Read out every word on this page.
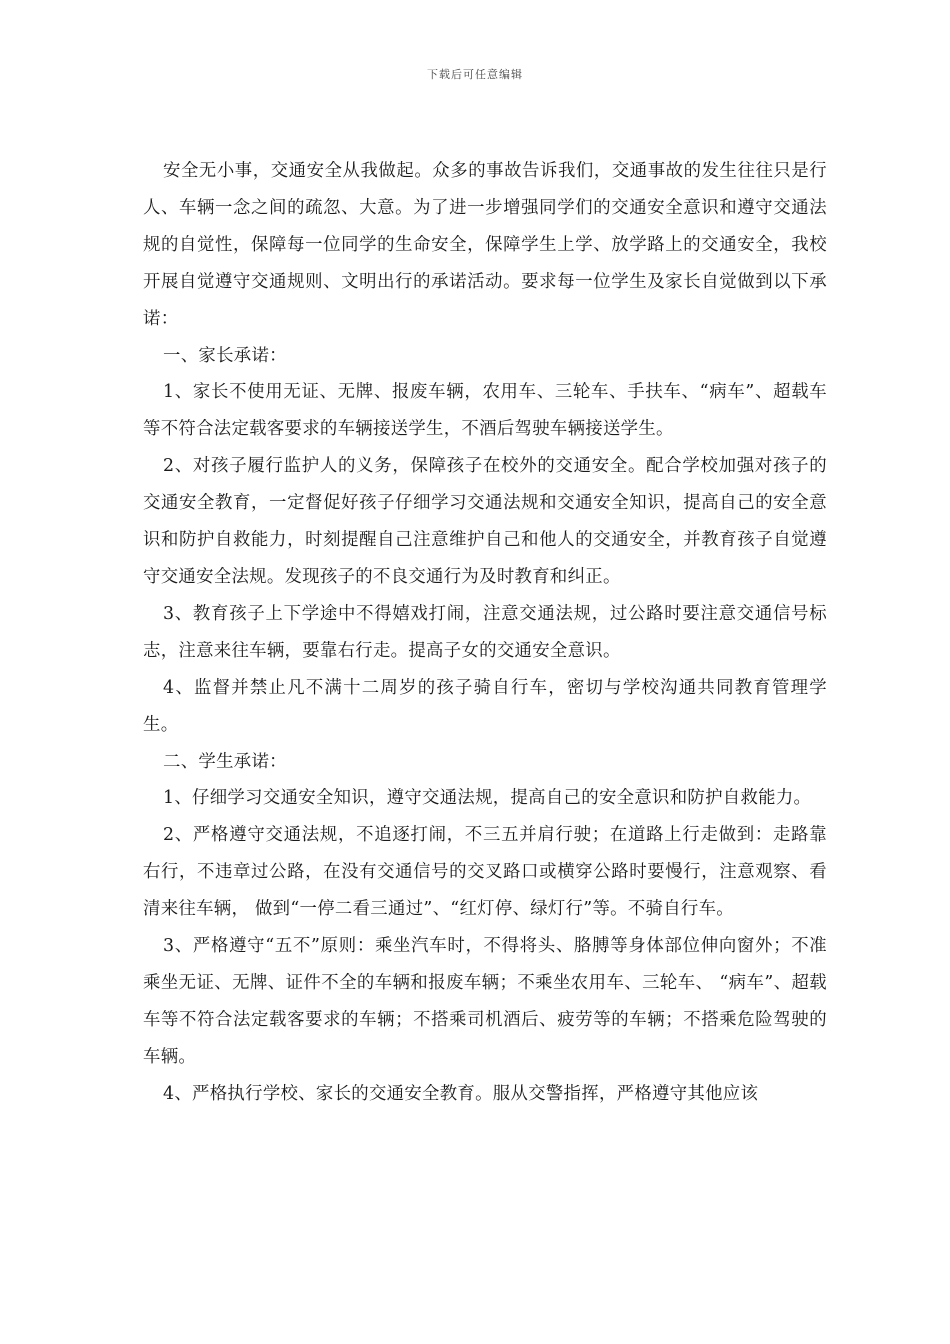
下载后可任意编辑

安全无小事，交通安全从我做起。众多的事故告诉我们，交通事故的发生往往只是行人、车辆一念之间的疏忽、大意。为了进一步增强同学们的交通安全意识和遵守交通法规的自觉性，保障每一位同学的生命安全，保障学生上学、放学路上的交通安全，我校开展自觉遵守交通规则、文明出行的承诺活动。要求每一位学生及家长自觉做到以下承诺：

一、家长承诺：

1、家长不使用无证、无牌、报废车辆，农用车、三轮车、手扶车、“病车”、超载车等不符合法定载客要求的车辆接送学生，不酒后驾驶车辆接送学生。

2、对孩子履行监护人的义务，保障孩子在校外的交通安全。配合学校加强对孩子的交通安全教育，一定督促好孩子仔细学习交通法规和交通安全知识，提高自己的安全意识和防护自救能力，时刻提醒自己注意维护自己和他人的交通安全，并教育孩子自觉遵守交通安全法规。发现孩子的不良交通行为及时教育和纠正。

3、教育孩子上下学途中不得嬉戏打闹，注意交通法规，过公路时要注意交通信号标志，注意来往车辆，要靠右行走。提高子女的交通安全意识。

4、监督并禁止凡不满十二周岁的孩子骑自行车，密切与学校沟通共同教育管理学生。

二、学生承诺：

1、仔细学习交通安全知识，遵守交通法规，提高自己的安全意识和防护自救能力。

2、严格遵守交通法规，不追逐打闹，不三五并肩行驶；在道路上行走做到：走路靠右行，不违章过公路，在没有交通信号的交叉路口或横穿公路时要慢行，注意观察、看清来往车辆， 做到“一停二看三通过”、“红灯停、绿灯行”等。不骑自行车。

3、严格遵守“五不”原则：乘坐汽车时，不得将头、胳膊等身体部位伸向窗外；不准乘坐无证、无牌、证件不全的车辆和报废车辆；不乘坐农用车、三轮车、 “病车”、超载车等不符合法定载客要求的车辆；不搭乘司机酒后、疲劳等的车辆；不搭乘危险驾驶的车辆。

4、严格执行学校、家长的交通安全教育。服从交警指挥，严格遵守其他应该
